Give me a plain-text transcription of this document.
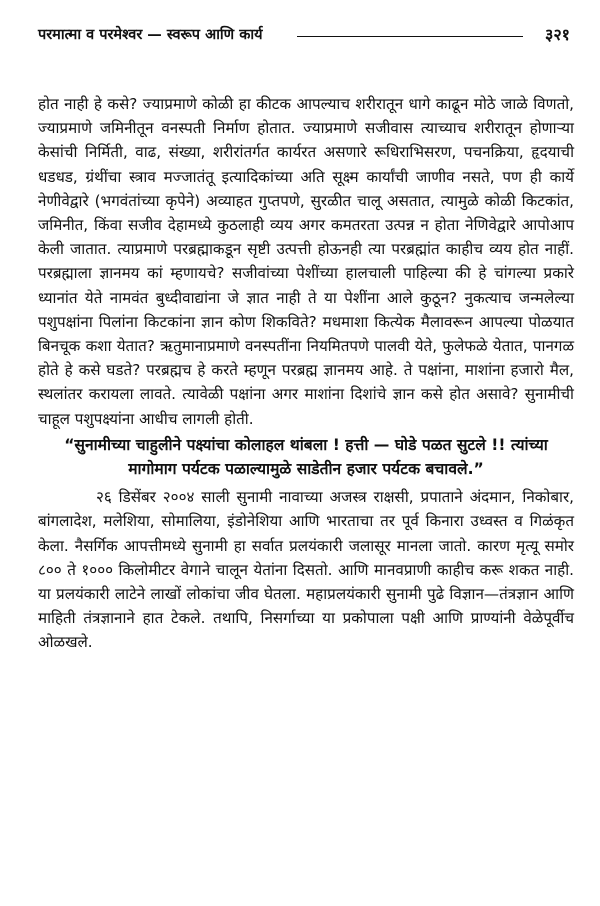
परमात्मा व परमेश्वर — स्वरूप आणि कार्य	३२१

होत नाही हे कसे? ज्याप्रमाणे कोळी हा कीटक आपल्याच शरीरातून धागे काढून मोठे जाळे विणतो, ज्याप्रमाणे जमिनीतून वनस्पती निर्माण होतात. ज्याप्रमाणे सजीवास त्याच्याच शरीरातून होणाऱ्या केसांची निर्मिती, वाढ, संख्या, शरीरांतर्गत कार्यरत असणारे रूधिराभिसरण, पचनक्रिया, हृदयाची धडधड, ग्रंथींचा स्त्राव मज्जातंतू इत्यादिकांच्या अति सूक्ष्म कार्यांची जाणीव नसते, पण ही कार्ये नेणीवेद्वारे (भगवंतांच्या कृपेने) अव्याहत गुप्तपणे, सुरळीत चालू असतात, त्यामुळे कोळी किटकांत, जमिनीत, किंवा सजीव देहामध्ये कुठलाही व्यय अगर कमतरता उत्पन्न न होता नेणिवेद्वारे आपोआप केली जातात. त्याप्रमाणे परब्रह्माकडून सृष्टी उत्पत्ती होऊनही त्या परब्रह्मांत काहीच व्यय होत नाहीं. परब्रह्माला ज्ञानमय कां म्हणायचे? सजीवांच्या पेशींच्या हालचाली पाहिल्या की हे चांगल्या प्रकारे ध्यानांत येते नामवंत बुध्दीवाद्यांना जे ज्ञात नाही ते या पेशींना आले कुठून? नुकत्याच जन्मलेल्या पशुपक्षांना पिलांना किटकांना ज्ञान कोण शिकविते? मधमाशा कित्येक मैलावरून आपल्या पोळयात बिनचूक कशा येतात? ऋतुमानाप्रमाणे वनस्पतींना नियमितपणे पालवी येते, फुलेफळे येतात, पानगळ होते हे कसे घडते? परब्रह्मच हे करते म्हणून परब्रह्म ज्ञानमय आहे. ते पक्षांना, माशांना हजारो मैल, स्थलांतर करायला लावते. त्यावेळी पक्षांना अगर माशांना दिशांचे ज्ञान कसे होत असावे? सुनामीची चाहूल पशुपक्ष्यांना आधीच लागली होती.

“सुनामीच्या चाहुलीने पक्ष्यांचा कोलाहल थांबला ! हत्ती — घोडे पळत सुटले !! त्यांच्या मागोमाग पर्यटक पळाल्यामुळे साडेतीन हजार पर्यटक बचावले.”

२६ डिसेंबर २००४ साली सुनामी नावाच्या अजस्त्र राक्षसी, प्रपाताने अंदमान, निकोबार, बांगलादेश, मलेशिया, सोमालिया, इंडोनेशिया आणि भारताचा तर पूर्व किनारा उध्वस्त व गिळंकृत केला. नैसर्गिक आपत्तीमध्ये सुनामी हा सर्वात प्रलयंकारी जलासूर मानला जातो. कारण मृत्यू समोर ८०० ते १००० किलोमीटर वेगाने चालून येतांना दिसतो. आणि मानवप्राणी काहीच करू शकत नाही. या प्रलयंकारी लाटेने लाखों लोकांचा जीव घेतला. महाप्रलयंकारी सुनामी पुढे विज्ञान—तंत्रज्ञान आणि माहिती तंत्रज्ञानाने हात टेकले. तथापि, निसर्गाच्या या प्रकोपाला पक्षी आणि प्राण्यांनी वेळेपूर्वीच ओळखले.
